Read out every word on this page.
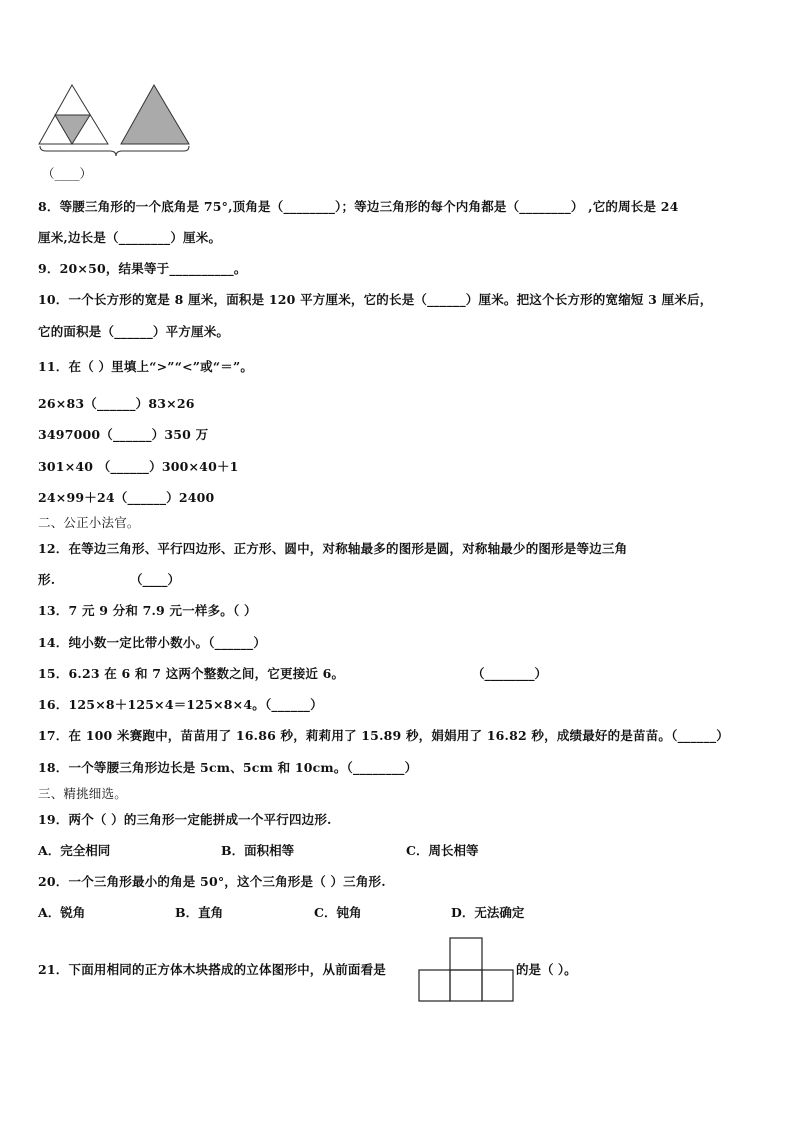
（____）
8．等腰三角形的一个底角是 75°,顶角是（________）；等边三角形的每个内角都是（________） ,它的周长是 24
厘米,边长是（________）厘米。
9．20×50，结果等于__________。
10．一个长方形的宽是 8 厘米，面积是 120 平方厘米，它的长是（______）厘米。把这个长方形的宽缩短 3 厘米后，
它的面积是（______）平方厘米。
11．在（ ）里填上“>”“<”或“＝”。
26×83（______）83×26
3497000（______）350 万
301×40 （______）300×40＋1
24×99＋24（______）2400
二、公正小法官。
12．在等边三角形、平行四边形、正方形、圆中，对称轴最多的图形是圆，对称轴最少的图形是等边三角
形.	（____）
13．7 元 9 分和 7.9 元一样多。（ ）
14．纯小数一定比带小数小。（______）
15．6.23 在 6 和 7 这两个整数之间，它更接近 6。	（________）
16．125×8＋125×4＝125×8×4。（______）
17．在 100 米赛跑中，苗苗用了 16.86 秒，莉莉用了 15.89 秒，娟娟用了 16.82 秒，成绩最好的是苗苗。（______）
18．一个等腰三角形边长是 5cm、5cm 和 10cm。（________）
三、精挑细选。
19．两个（ ）的三角形一定能拼成一个平行四边形.
A．完全相同	B．面积相等	C．周长相等
20．一个三角形最小的角是 50°，这个三角形是（ ）三角形.
A．锐角	B．直角	C．钝角	D．无法确定
21．下面用相同的正方体木块搭成的立体图形中，从前面看是	的是（ ）。
